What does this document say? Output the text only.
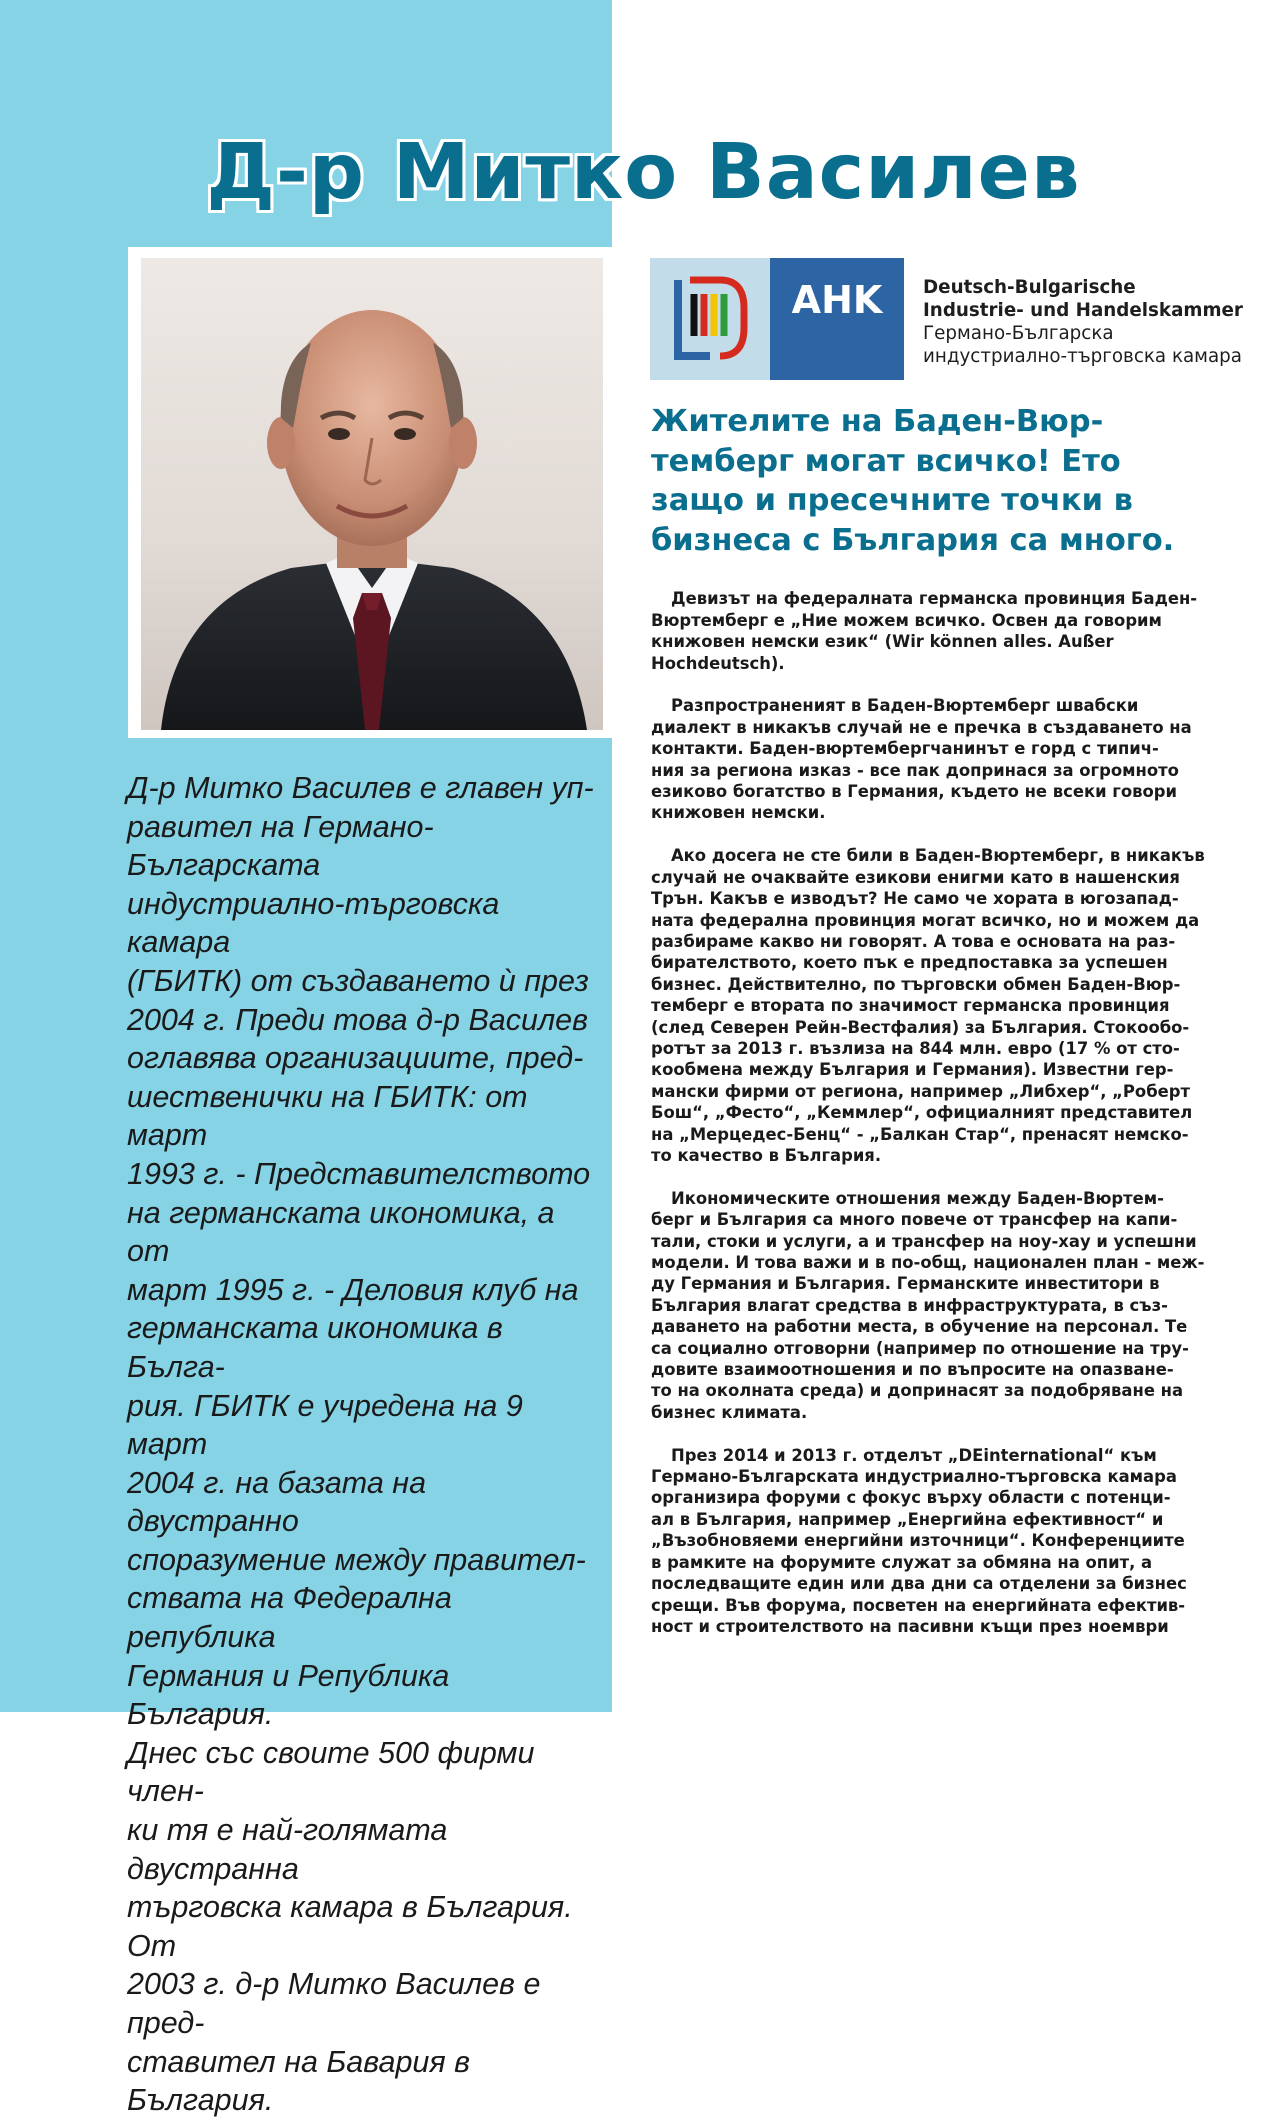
Д-р Митко Василев

Д-р Митко Василев е главен уп-
равител на Германо-Българската
индустриално-търговска камара
(ГБИТК) от създаването ѝ през
2004 г. Преди това д-р Василев
оглавява организациите, пред-
шественички на ГБИТК: от март
1993 г. - Представителството
на германската икономика, а от
март 1995 г. - Деловия клуб на
германската икономика в Бълга-
рия. ГБИТК е учредена на 9 март
2004 г. на базата на двустранно
споразумение между правител-
ствата на Федерална република
Германия и Република България.
Днес със своите 500 фирми член-
ки тя е най-голямата двустранна
търговска камара в България. От
2003 г. д-р Митко Василев е пред-
ставител на Бавария в България.

AHK	Deutsch-Bulgarische
Industrie- und Handelskammer
Германо-Българска
индустриално-търговска камара
Жителите на Баден-Вюр-
темберг могат всичко! Ето
защо и пресечните точки в
бизнеса с България са много.

Девизът на федералната германска провинция Баден-
Вюртемберг е „Ние можем всичко. Освен да говорим
книжовен немски език“ (Wir können alles. Außer Hochdeutsch).

Разпространеният в Баден-Вюртемберг швабски
диалект в никакъв случай не е пречка в създаването на
контакти. Баден-вюртембергчанинът е горд с типич-
ния за региона изказ - все пак допринася за огромното
езиково богатство в Германия, където не всеки говори
книжовен немски.

Ако досега не сте били в Баден-Вюртемберг, в никакъв
случай не очаквайте езикови енигми като в нашенския
Трън. Какъв е изводът? Не само че хората в югозапад-
ната федерална провинция могат всичко, но и можем да
разбираме какво ни говорят. А това е основата на раз-
бирателството, което пък е предпоставка за успешен
бизнес. Действително, по търговски обмен Баден-Вюр-
темберг е втората по значимост германска провинция
(след Северен Рейн-Вестфалия) за България. Стокообо-
ротът за 2013 г. възлиза на 844 млн. евро (17 % от сто-
кообмена между България и Германия). Известни гер-
мански фирми от региона, например „Либхер“, „Роберт
Бош“, „Фесто“, „Кеммлер“, официалният представител
на „Мерцедес-Бенц“ - „Балкан Стар“, пренасят немско-
то качество в България.

Икономическите отношения между Баден-Вюртем-
берг и България са много повече от трансфер на капи-
тали, стоки и услуги, а и трансфер на ноу-хау и успешни
модели. И това важи и в по-общ, национален план - меж-
ду Германия и България. Германските инвеститори в
България влагат средства в инфраструктурата, в съз-
даването на работни места, в обучение на персонал. Те
са социално отговорни (например по отношение на тру-
довите взаимоотношения и по въпросите на опазване-
то на околната среда) и допринасят за подобряване на
бизнес климата.

През 2014 и 2013 г. отделът „DEinternational“ към
Германо-Българската индустриално-търговска камара
организира форуми с фокус върху области с потенци-
ал в България, например „Енергийна ефективност“ и
„Възобновяеми енергийни източници“. Конференциите
в рамките на форумите служат за обмяна на опит, а
последващите един или два дни са отделени за бизнес
срещи. Във форума, посветен на енергийната ефектив-
ност и строителството на пасивни къщи през ноември
